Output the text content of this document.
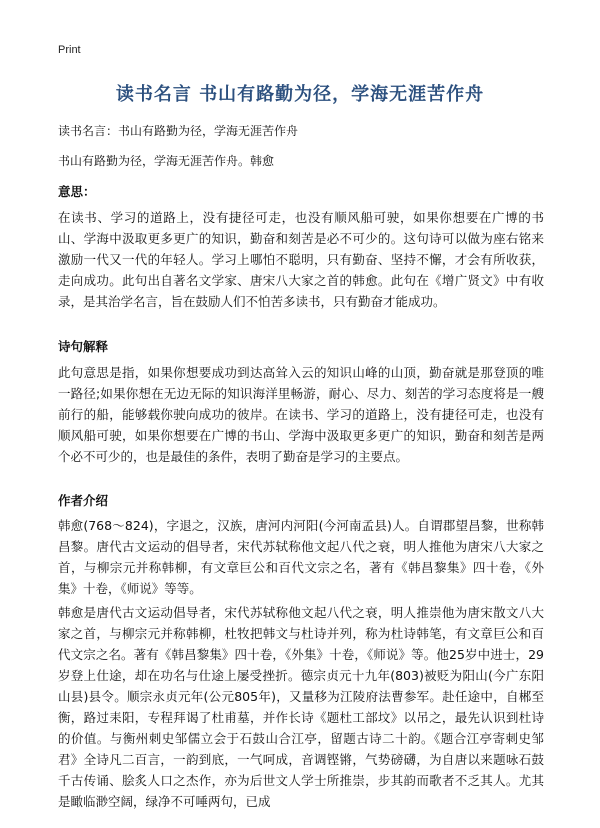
Print
读书名言 书山有路勤为径，学海无涯苦作舟
读书名言：书山有路勤为径，学海无涯苦作舟
书山有路勤为径，学海无涯苦作舟。韩愈
意思：

在读书、学习的道路上，没有捷径可走，也没有顺风船可驶，如果你想要在广博的书山、学海中汲取更多更广的知识，勤奋和刻苦是必不可少的。这句诗可以做为座右铭来激励一代又一代的年轻人。学习上哪怕不聪明，只有勤奋、坚持不懈，才会有所收获，走向成功。此句出自著名文学家、唐宋八大家之首的韩愈。此句在《增广贤文》中有收录，是其治学名言，旨在鼓励人们不怕苦多读书，只有勤奋才能成功。

诗句解释

此句意思是指，如果你想要成功到达高耸入云的知识山峰的山顶，勤奋就是那登顶的唯一路径;如果你想在无边无际的知识海洋里畅游，耐心、尽力、刻苦的学习态度将是一艘前行的船，能够载你驶向成功的彼岸。在读书、学习的道路上，没有捷径可走，也没有顺风船可驶，如果你想要在广博的书山、学海中汲取更多更广的知识，勤奋和刻苦是两个必不可少的，也是最佳的条件，表明了勤奋是学习的主要点。

作者介绍

韩愈(768～824)，字退之，汉族，唐河内河阳(今河南孟县)人。自谓郡望昌黎，世称韩昌黎。唐代古文运动的倡导者，宋代苏轼称他文起八代之衰，明人推他为唐宋八大家之首，与柳宗元并称韩柳，有文章巨公和百代文宗之名，著有《韩昌黎集》四十卷，《外集》十卷，《师说》等等。

韩愈是唐代古文运动倡导者，宋代苏轼称他文起八代之衰，明人推崇他为唐宋散文八大家之首，与柳宗元并称韩柳，杜牧把韩文与杜诗并列，称为杜诗韩笔，有文章巨公和百代文宗之名。著有《韩昌黎集》四十卷，《外集》十卷，《师说》等。他25岁中进士，29岁登上仕途，却在功名与仕途上屡受挫折。德宗贞元十九年(803)被贬为阳山(今广东阳山县)县令。顺宗永贞元年(公元805年)，又量移为江陵府法曹参军。赴任途中，自郴至衡，路过耒阳，专程拜谒了杜甫墓，并作长诗《题杜工部坟》以吊之，最先认识到杜诗的价值。与衡州刺史邹儒立会于石鼓山合江亭，留题古诗二十韵。《题合江亭寄刺史邹君》全诗凡二百言，一韵到底，一气呵成，音调铿锵，气势磅礴，为自唐以来题咏石鼓千古传诵、脍炙人口之杰作，亦为后世文人学士所推崇，步其韵而歌者不乏其人。尤其是瞰临渺空阔，绿净不可唾两句，已成
